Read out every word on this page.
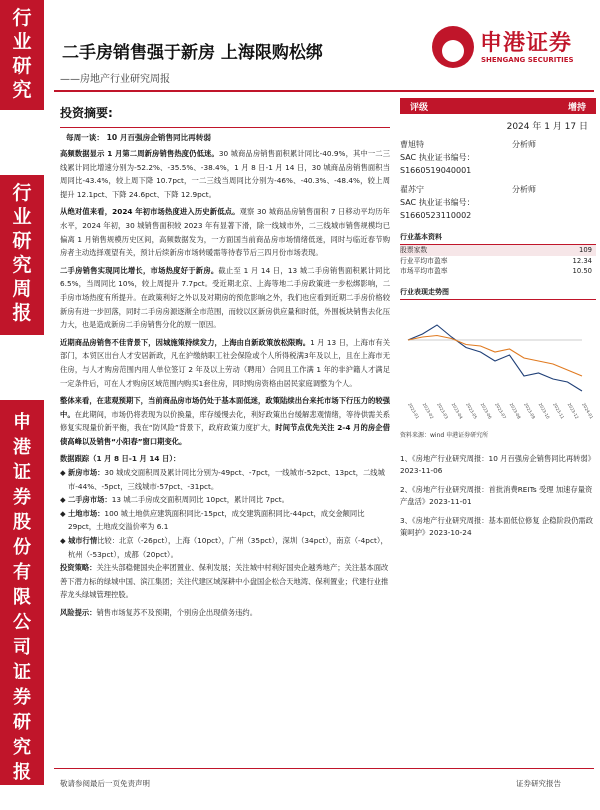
行
业
研
究
行
业
研
究
周
报
申
港
证
券
股
份
有
限
公
司
证
券
研
究
报
告
二手房销售强于新房 上海限购松绑
——房地产行业研究周报
申港证券
SHENGANG SECURITIES
投资摘要:
每周一谈： 10 月百强房企销售同比再转弱

高频数据显示 1 月第二周新房销售热度仍低迷。30 城商品房销售面积累计同比-40.9%，其中一二三线累计同比增速分别为-52.2%、-35.5%、-38.4%，1 月 8 日-1 月 14 日，30 城商品房销售面积当周同比-43.4%，较上周下降 10.7pct，一二三线当周同比分别为-46%、-40.3%、-48.4%，较上周提升 12.1pct、下降 24.6pct、下降 12.9pct。

从绝对值来看，2024 年初市场热度进入历史新低点。观察 30 城商品房销售面积 7 日移动平均历年水平，2024 年初，30 城销售面积较 2023 年有显著下滑，除一线城市外，二三线城市销售规模均已偏离 1 月销售规模历史区间，高频数据发为，一方面国当前商品房市场情绪低迷，同时与临近春节购房者主动选择观望有关，预计后续新房市场转暖需等待春节后三四月份市场表现。

二手房销售实现同比增长，市场热度好于新房。截止至 1 月 14 日，13 城二手房销售面积累计同比 6.5%，当周同比 10%，较上周提升 7.7pct。受近期北京、上海等地二手房政策进一步松绑影响，二手房市场热度有所提升。在政策利好之外以及对期房的预危影响之外，我们也应看到近期二手房价格较新房有进一步回落，同时二手房房源逐渐全市范围，而较以区新房供应量和时低，外围板块销售去化压力大，也是造成新房二手房销售分化的原一原因。

近期商品房销售不佳背景下，因城施策持续发力，上海由自新政策放松限购。1 月 13 日，上海市有关部门，本贸区出台人才安居新政，凡在沪缴纳职工社会保险或个人所得税满3年及以上，且在上海市无住房，与人才购房范围内用人单位签订 2 年及以上劳动（聘用）合同且工作满 1 年的非沪籍人才满足一定条件后，可在人才购房区域范围内购买1套住房，同时购房资格由居民家庭调整为个人。

整体来看，在悲观预期下，当前商品房市场仍处于基本面低迷，政策陆续出台来托市场下行压力的较强中。在此期间，市场仍将表现为以价换量，库存缓慢去化，利好政策出台缓解悲观情绪，等待供需关系修复实现量价新平衡，我在“防风险”背景下，政府政策力度扩大，时间节点优先关注 2-4 月的房企借债高峰以及销售“小阳春”窗口期变化。

数据跟踪（1 月 8 日-1 月 14 日）：
◆ 新房市场：30 城成交面积周及累计同比分别为-49pct、-7pct，一线城市-52pct、13pct，二线城市-44%、-5pct，三线城市-57pct、-31pct。
◆ 二手房市场：13 城二手房成交面积周同比 10pct，累计同比 7pct。
◆ 土地市场：100 城土地供应建筑面积同比-15pct，成交建筑面积同比-44pct，成交金额同比 29pct，土地成交溢价率为 6.1
◆ 城市行情比较：北京（-26pct），上海（10pct），广州（35pct），深圳（34pct），南京（-4pct），杭州（-53pct），成都（20pct）。
投资策略：关注头部稳健国央企率团置业、保利发展；关注城中村利好国央企越秀地产；关注基本面改善下潜力标的绿城中国、滨江集团；关注代建区域深耕中小盘国企松合天地湾、保利置业；代建行业推荐龙头绿城管理控股。
风险提示：销售市场复苏不及预期，个别房企出现债务违约。
评级	增持
2024 年 1 月 17 日
曹旭特	分析师
SAC 执业证书编号：
S1660519040001
翟苏宁	分析师
SAC 执业证书编号：
S1660523110002
行业基本资料
股票家数	109
行业平均市盈率	12.34
市场平均市盈率	10.50
行业表现走势图
2023-01 2023-02 2023-03 2023-04 2023-05 2023-06 2023-07 2023-08 2023-09 2023-10 2023-11 2023-12 2024-01
资料来源：wind 申港证券研究所
1、《房地产行业研究周报：10 月百强房企销售同比再转弱》2023-11-06
2、《房地产行业研究周报：首批消费REITs 受理 加速存量资产盘活》2023-11-01
3、《房地产行业研究周报：基本面低位修复 企稳阶段仍需政策呵护》2023-10-24
敬请参阅最后一页免责声明	证券研究报告
